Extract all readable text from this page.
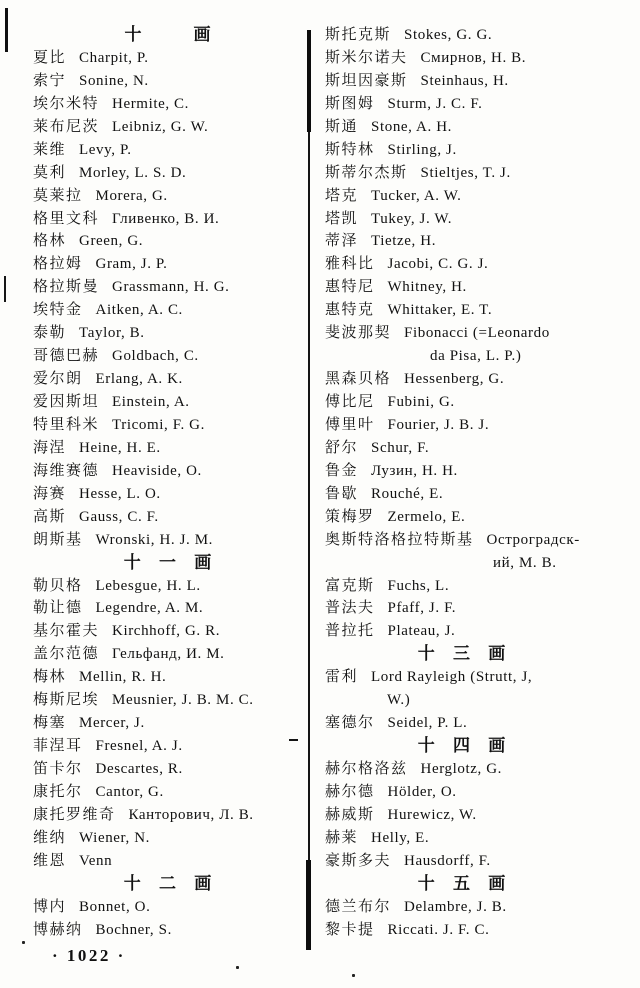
十    画
夏比 Charpit, P.
索宁 Sonine, N.
埃尔米特 Hermite, C.
莱布尼茨 Leibniz, G. W.
莱维 Levy, P.
莫利 Morley, L. S. D.
莫莱拉 Morera, G.
格里文科 Гливенко, В. И.
格林 Green, G.
格拉姆 Gram, J. P.
格拉斯曼 Grassmann, H. G.
埃特金 Aitken, A. C.
泰勒 Taylor, B.
哥德巴赫 Goldbach, C.
爱尔朗 Erlang, A. K.
爱因斯坦 Einstein, A.
特里科米 Tricomi, F. G.
海涅 Heine, H. E.
海维赛德 Heaviside, O.
海赛 Hesse, L. O.
高斯 Gauss, C. F.
朗斯基 Wronski, H. J. M.
十 一 画
勒贝格 Lebesgue, H. L.
勒让德 Legendre, A. M.
基尔霍夫 Kirchhoff, G. R.
盖尔范德 Гельфанд, И. М.
梅林 Mellin, R. H.
梅斯尼埃 Meusnier, J. B. M. C.
梅塞 Mercer, J.
菲涅耳 Fresnel, A. J.
笛卡尔 Descartes, R.
康托尔 Cantor, G.
康托罗维奇 Канторович, Л. В.
维纳 Wiener, N.
维恩 Venn
十 二 画
博内 Bonnet, O.
博赫纳 Bochner, S.
斯托克斯 Stokes, G. G.
斯米尔诺夫 Смирнов, Н. В.
斯坦因豪斯 Steinhaus, H.
斯图姆 Sturm, J. C. F.
斯通 Stone, A. H.
斯特林 Stirling, J.
斯蒂尔杰斯 Stieltjes, T. J.
塔克 Tucker, A. W.
塔凯 Tukey, J. W.
蒂泽 Tietze, H.
雅科比 Jacobi, C. G. J.
惠特尼 Whitney, H.
惠特克 Whittaker, E. T.
斐波那契 Fibonacci (=Leonardo
da Pisa, L. P.)
黑森贝格 Hessenberg, G.
傅比尼 Fubini, G.
傅里叶 Fourier, J. B. J.
舒尔 Schur, F.
鲁金 Лузин, Н. Н.
鲁歇 Rouché, E.
策梅罗 Zermelo, E.
奥斯特洛格拉特斯基 Остроградск-
ий, М. В.
富克斯 Fuchs, L.
普法夫 Pfaff, J. F.
普拉托 Plateau, J.
十 三 画
雷利 Lord Rayleigh (Strutt, J,
W.)
塞德尔 Seidel, P. L.
十 四 画
赫尔格洛兹 Herglotz, G.
赫尔德 Hölder, O.
赫威斯 Hurewicz, W.
赫莱 Helly, E.
豪斯多夫 Hausdorff, F.
十 五 画
德兰布尔 Delambre, J. B.
黎卡提 Riccati. J. F. C.
· 1022 ·
